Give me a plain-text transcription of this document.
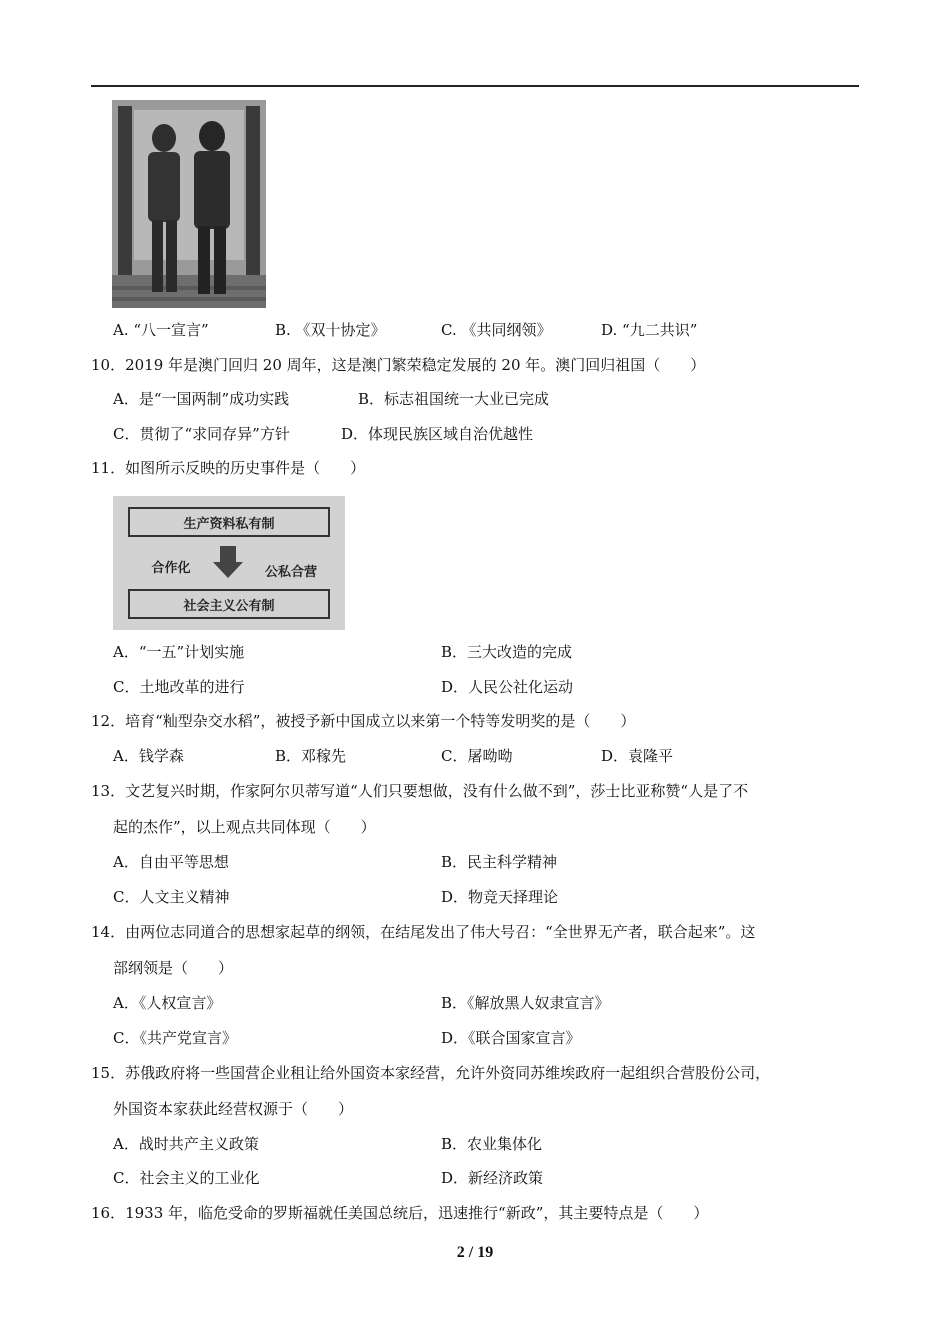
A. “八一宣言”	B. 《双十协定》	C. 《共同纲领》	D. “九二共识”
10．2019 年是澳门回归 20 周年，这是澳门繁荣稳定发展的 20 年。澳门回归祖国（　　）
A．是“一国两制”成功实践	B．标志祖国统一大业已完成
C．贯彻了“求同存异”方针	D．体现民族区域自治优越性
11．如图所示反映的历史事件是（　　）
生产资料私有制
合作化	公私合营
社会主义公有制
A．“一五”计划实施	B．三大改造的完成
C．土地改革的进行	D．人民公社化运动
12．培育“籼型杂交水稻”，被授予新中国成立以来第一个特等发明奖的是（　　）
A．钱学森	B．邓稼先	C．屠呦呦	D．袁隆平
13．文艺复兴时期，作家阿尔贝蒂写道“人们只要想做，没有什么做不到”，莎士比亚称赞“人是了不
起的杰作”，以上观点共同体现（　　）
A．自由平等思想	B．民主科学精神
C．人文主义精神	D．物竞天择理论
14．由两位志同道合的思想家起草的纲领，在结尾发出了伟大号召：“全世界无产者，联合起来”。这
部纲领是（　　）
A．《人权宣言》	B．《解放黑人奴隶宣言》
C．《共产党宣言》	D．《联合国家宣言》
15．苏俄政府将一些国营企业租让给外国资本家经营，允许外资同苏维埃政府一起组织合营股份公司，
外国资本家获此经营权源于（　　）
A．战时共产主义政策	B．农业集体化
C．社会主义的工业化	D．新经济政策
16．1933 年，临危受命的罗斯福就任美国总统后，迅速推行“新政”，其主要特点是（　　）
2 / 19
